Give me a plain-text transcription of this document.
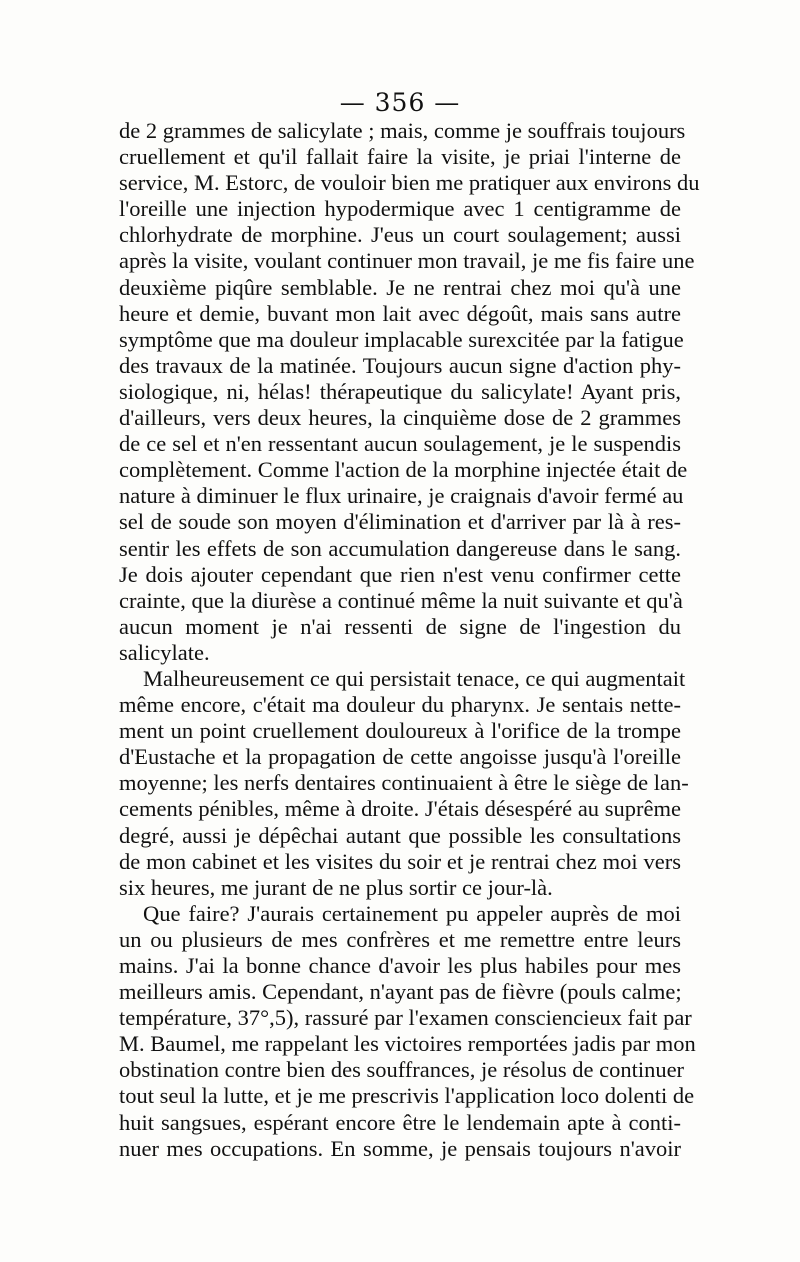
— 356 —
de 2 grammes de salicylate ; mais, comme je souffrais toujours
cruellement et qu'il fallait faire la visite, je priai l'interne de
service, M. Estorc, de vouloir bien me pratiquer aux environs du
l'oreille une injection hypodermique avec 1 centigramme de
chlorhydrate de morphine. J'eus un court soulagement; aussi
après la visite, voulant continuer mon travail, je me fis faire une
deuxième piqûre semblable. Je ne rentrai chez moi qu'à une
heure et demie, buvant mon lait avec dégoût, mais sans autre
symptôme que ma douleur implacable surexcitée par la fatigue
des travaux de la matinée. Toujours aucun signe d'action phy-
siologique, ni, hélas! thérapeutique du salicylate! Ayant pris,
d'ailleurs, vers deux heures, la cinquième dose de 2 grammes
de ce sel et n'en ressentant aucun soulagement, je le suspendis
complètement. Comme l'action de la morphine injectée était de
nature à diminuer le flux urinaire, je craignais d'avoir fermé au
sel de soude son moyen d'élimination et d'arriver par là à res-
sentir les effets de son accumulation dangereuse dans le sang.
Je dois ajouter cependant que rien n'est venu confirmer cette
crainte, que la diurèse a continué même la nuit suivante et qu'à
aucun moment je n'ai ressenti de signe de l'ingestion du
salicylate.
Malheureusement ce qui persistait tenace, ce qui augmentait
même encore, c'était ma douleur du pharynx. Je sentais nette-
ment un point cruellement douloureux à l'orifice de la trompe
d'Eustache et la propagation de cette angoisse jusqu'à l'oreille
moyenne; les nerfs dentaires continuaient à être le siège de lan-
cements pénibles, même à droite. J'étais désespéré au suprême
degré, aussi je dépêchai autant que possible les consultations
de mon cabinet et les visites du soir et je rentrai chez moi vers
six heures, me jurant de ne plus sortir ce jour-là.
Que faire? J'aurais certainement pu appeler auprès de moi
un ou plusieurs de mes confrères et me remettre entre leurs
mains. J'ai la bonne chance d'avoir les plus habiles pour mes
meilleurs amis. Cependant, n'ayant pas de fièvre (pouls calme;
température, 37°,5), rassuré par l'examen consciencieux fait par
M. Baumel, me rappelant les victoires remportées jadis par mon
obstination contre bien des souffrances, je résolus de continuer
tout seul la lutte, et je me prescrivis l'application loco dolenti de
huit sangsues, espérant encore être le lendemain apte à conti-
nuer mes occupations. En somme, je pensais toujours n'avoir
